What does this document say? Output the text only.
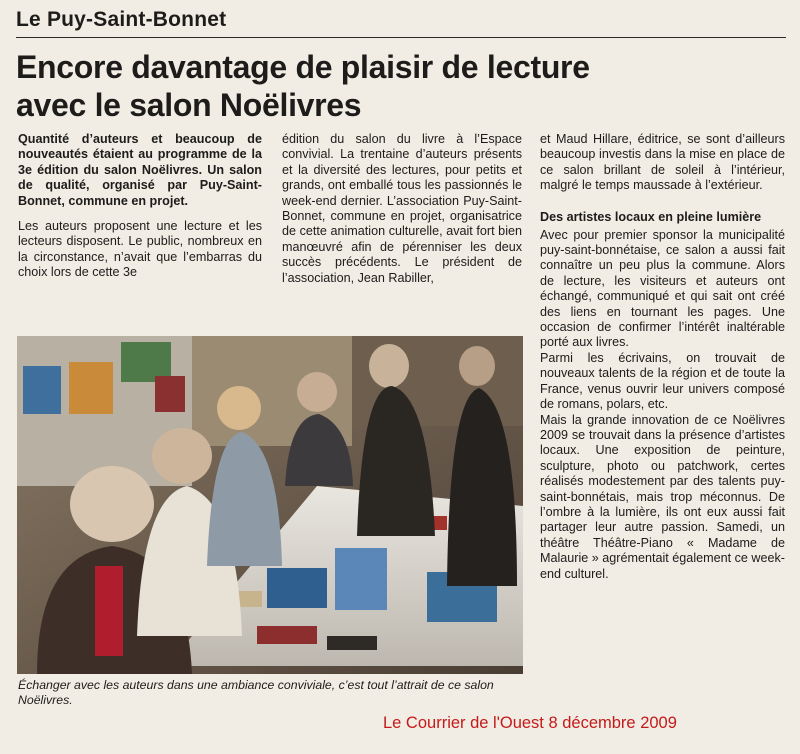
Le Puy-Saint-Bonnet
Encore davantage de plaisir de lecture
avec le salon Noëlivres

Quantité d’auteurs et beaucoup de nouveautés étaient au programme de la 3e édition du salon Noëlivres. Un salon de qualité, organisé par Puy-Saint-Bonnet, commune en projet.

Les auteurs proposent une lecture et les lecteurs disposent. Le public, nombreux en la circonstance, n’avait que l’embarras du choix lors de cette 3e

édition du salon du livre à l’Espace convivial. La trentaine d’auteurs présents et la diversité des lectures, pour petits et grands, ont emballé tous les passionnés le week-end dernier. L’association Puy-Saint-Bonnet, commune en projet, organisatrice de cette animation culturelle, avait fort bien manœuvré afin de pérenniser les deux succès précédents. Le président de l’association, Jean Rabiller,

et Maud Hillare, éditrice, se sont d’ailleurs beaucoup investis dans la mise en place de ce salon brillant de soleil à l’intérieur, malgré le temps maussade à l’extérieur.

Des artistes locaux en pleine lumière

Avec pour premier sponsor la municipalité puy-saint-bonnétaise, ce salon a aussi fait connaître un peu plus la commune. Alors de lecture, les visiteurs et auteurs ont échangé, communiqué et qui sait ont créé des liens en tournant les pages. Une occasion de confirmer l’intérêt inaltérable porté aux livres.

Parmi les écrivains, on trouvait de nouveaux talents de la région et de toute la France, venus ouvrir leur univers composé de romans, polars, etc.

Mais la grande innovation de ce Noëlivres 2009 se trouvait dans la présence d’artistes locaux. Une exposition de peinture, sculpture, photo ou patchwork, certes réalisés modestement par des talents puy-saint-bonnétais, mais trop méconnus. De l’ombre à la lumière, ils ont eux aussi fait partager leur autre passion. Samedi, un théâtre Théâtre-Piano « Madame de Malaurie » agrémentait également ce week-end culturel.

Échanger avec les auteurs dans une ambiance conviviale, c’est tout l’attrait de ce salon Noëlivres.
Le Courrier de l'Ouest 8 décembre 2009
